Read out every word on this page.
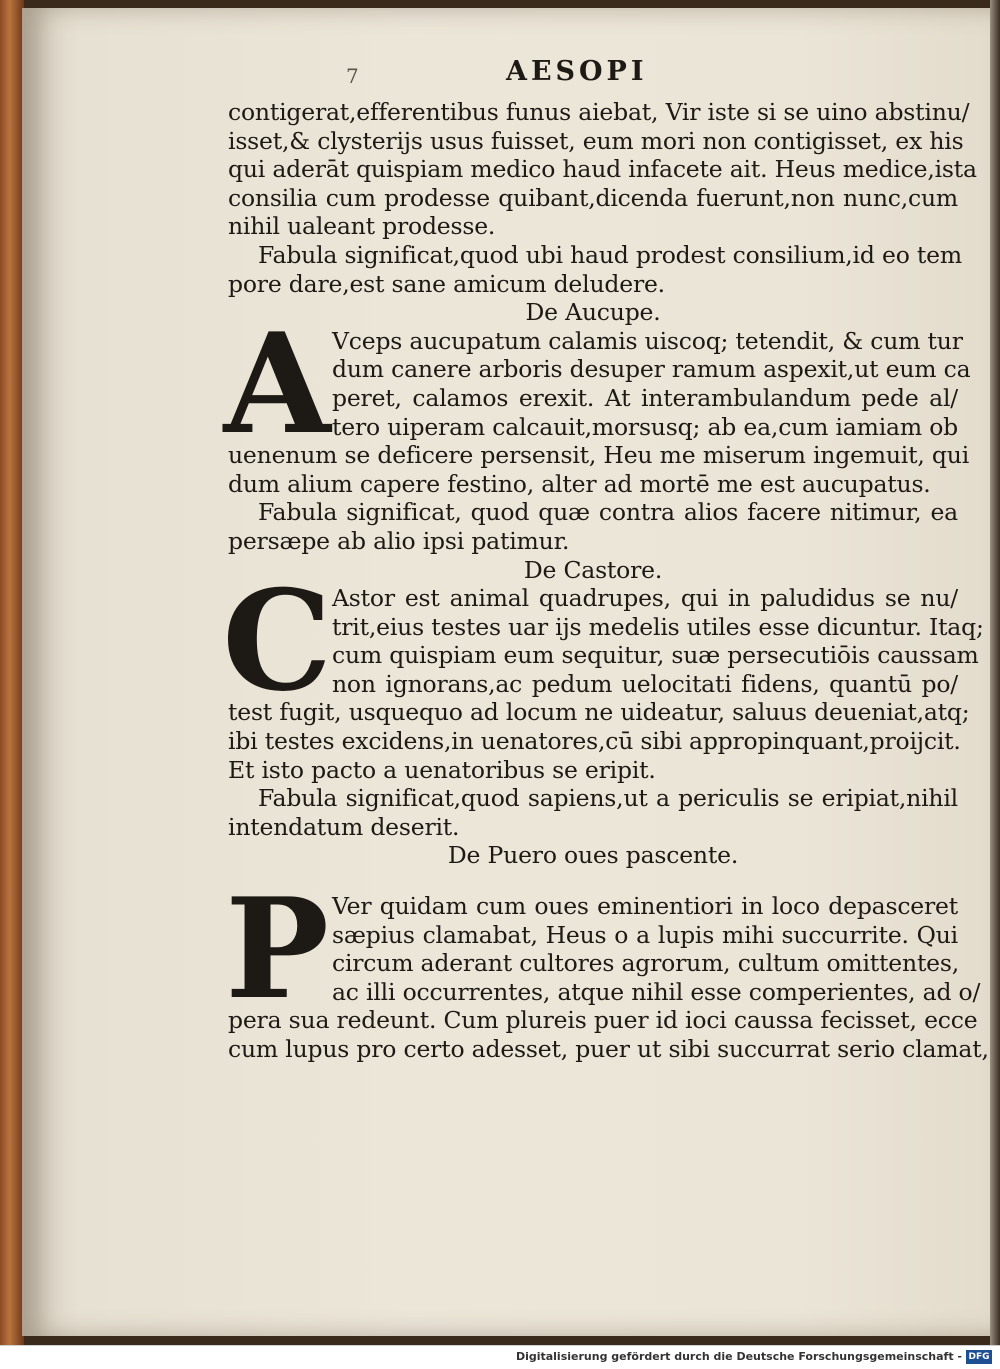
7	AESOPI

contigerat,efferentibus funus aiebat, Vir iste si se uino abstinu/
isset,& clysterijs usus fuisset, eum mori non contigisset, ex his
qui aderāt quispiam medico haud infacete ait. Heus medice,ista
consilia cum prodesse quibant,dicenda fuerunt,non nunc,cum
nihil ualeant prodesse.

Fabula significat,quod ubi haud prodest consilium,id eo tem
pore dare,est sane amicum deludere.

De Aucupe.

A Vceps aucupatum calamis uiscoq; tetendit, & cum tur
dum canere arboris desuper ramum aspexit,ut eum ca
peret, calamos erexit. At interambulandum pede al/
tero uiperam calcauit,morsusq; ab ea,cum iamiam ob
uenenum se deficere persensit, Heu me miserum ingemuit, qui
dum alium capere festino, alter ad mortē me est aucupatus.

Fabula significat, quod quæ contra alios facere nitimur, ea
persæpe ab alio ipsi patimur.

De Castore.

C Astor est animal quadrupes, qui in paludidus se nu/
trit,eius testes uar ijs medelis utiles esse dicuntur. Itaq;
cum quispiam eum sequitur, suæ persecutiōis caussam
non ignorans,ac pedum uelocitati fidens, quantū po/
test fugit, usquequo ad locum ne uideatur, saluus deueniat,atq;
ibi testes excidens,in uenatores,cū sibi appropinquant,proijcit.
Et isto pacto a uenatoribus se eripit.

Fabula significat,quod sapiens,ut a periculis se eripiat,nihil
intendatum deserit.

De Puero oues pascente.

P Ver quidam cum oues eminentiori in loco depasceret
sæpius clamabat, Heus o a lupis mihi succurrite. Qui
circum aderant cultores agrorum, cultum omittentes,
ac illi occurrentes, atque nihil esse comperientes, ad o/
pera sua redeunt. Cum plureis puer id ioci caussa fecisset, ecce
cum lupus pro certo adesset, puer ut sibi succurrat serio clamat,

Digitalisierung gefördert durch die Deutsche Forschungsgemeinschaft - DFG
